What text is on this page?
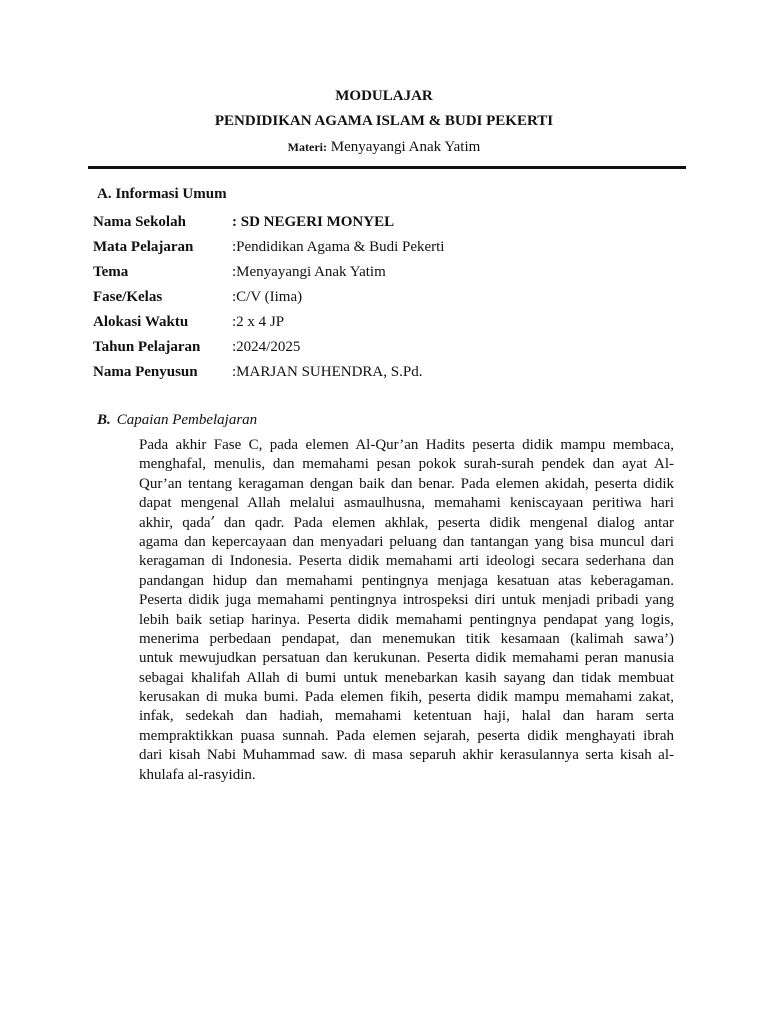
MODULAJAR
PENDIDIKAN AGAMA ISLAM & BUDI PEKERTI
Materi: Menyayangi Anak Yatim
A. Informasi Umum
Nama Sekolah	: SD NEGERI MONYEL
Mata Pelajaran	:Pendidikan Agama & Budi Pekerti
Tema	:Menyayangi Anak Yatim
Fase/Kelas	:C/V (Iima)
Alokasi Waktu	:2 x 4 JP
Tahun Pelajaran	:2024/2025
Nama Penyusun	:MARJAN SUHENDRA, S.Pd.
B. Capaian Pembelajaran
Pada akhir Fase C, pada elemen Al-Qur’an Hadits peserta didik mampu membaca,
menghafal, menulis, dan memahami pesan pokok surah-surah pendek dan ayat Al-
Qur’an tentang keragaman dengan baik dan benar. Pada elemen akidah, peserta didik
dapat mengenal Allah melalui asmaulhusna, memahami keniscayaan peritiwa hari
akhir, qada՚ dan qadr. Pada elemen akhlak, peserta didik mengenal dialog antar
agama dan kepercayaan dan menyadari peluang dan tantangan yang bisa muncul dari
keragaman di Indonesia. Peserta didik memahami arti ideologi secara sederhana dan
pandangan hidup dan memahami pentingnya menjaga kesatuan atas keberagaman.
Peserta didik juga memahami pentingnya introspeksi diri untuk menjadi pribadi yang
lebih baik setiap harinya. Peserta didik memahami pentingnya pendapat yang logis,
menerima perbedaan pendapat, dan menemukan titik kesamaan (kalimah sawa’)
untuk mewujudkan persatuan dan kerukunan. Peserta didik memahami peran manusia
sebagai khalifah Allah di bumi untuk menebarkan kasih sayang dan tidak membuat
kerusakan di muka bumi. Pada elemen fikih, peserta didik mampu memahami zakat,
infak, sedekah dan hadiah, memahami ketentuan haji, halal dan haram serta
mempraktikkan puasa sunnah. Pada elemen sejarah, peserta didik menghayati ibrah
dari kisah Nabi Muhammad saw. di masa separuh akhir kerasulannya serta kisah al-
khulafa al-rasyidin.
